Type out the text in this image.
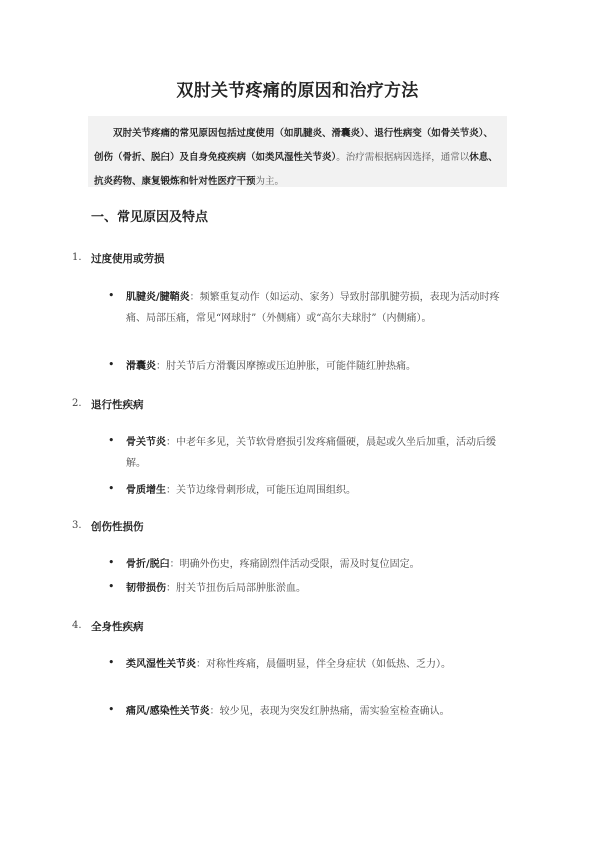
双肘关节疼痛的原因和治疗方法

双肘关节疼痛的常见原因包括过度使用（如肌腱炎、滑囊炎）、退行性病变（如骨关节炎）、创伤（骨折、脱臼）及自身免疫疾病（如类风湿性关节炎）。治疗需根据病因选择，通常以休息、抗炎药物、康复锻炼和针对性医疗干预为主。

一、常见原因及特点
1. 过度使用或劳损
• 肌腱炎/腱鞘炎：频繁重复动作（如运动、家务）导致肘部肌腱劳损，表现为活动时疼痛、局部压痛，常见“网球肘”（外侧痛）或“高尔夫球肘”（内侧痛）。

• 滑囊炎：肘关节后方滑囊因摩擦或压迫肿胀，可能伴随红肿热痛。

2. 退行性疾病
• 骨关节炎：中老年多见，关节软骨磨损引发疼痛僵硬，晨起或久坐后加重，活动后缓解。

• 骨质增生：关节边缘骨刺形成，可能压迫周围组织。

3. 创伤性损伤
• 骨折/脱臼：明确外伤史，疼痛剧烈伴活动受限，需及时复位固定。

• 韧带损伤：肘关节扭伤后局部肿胀淤血。

4. 全身性疾病
• 类风湿性关节炎：对称性疼痛，晨僵明显，伴全身症状（如低热、乏力）。

• 痛风/感染性关节炎：较少见，表现为突发红肿热痛，需实验室检查确认。
